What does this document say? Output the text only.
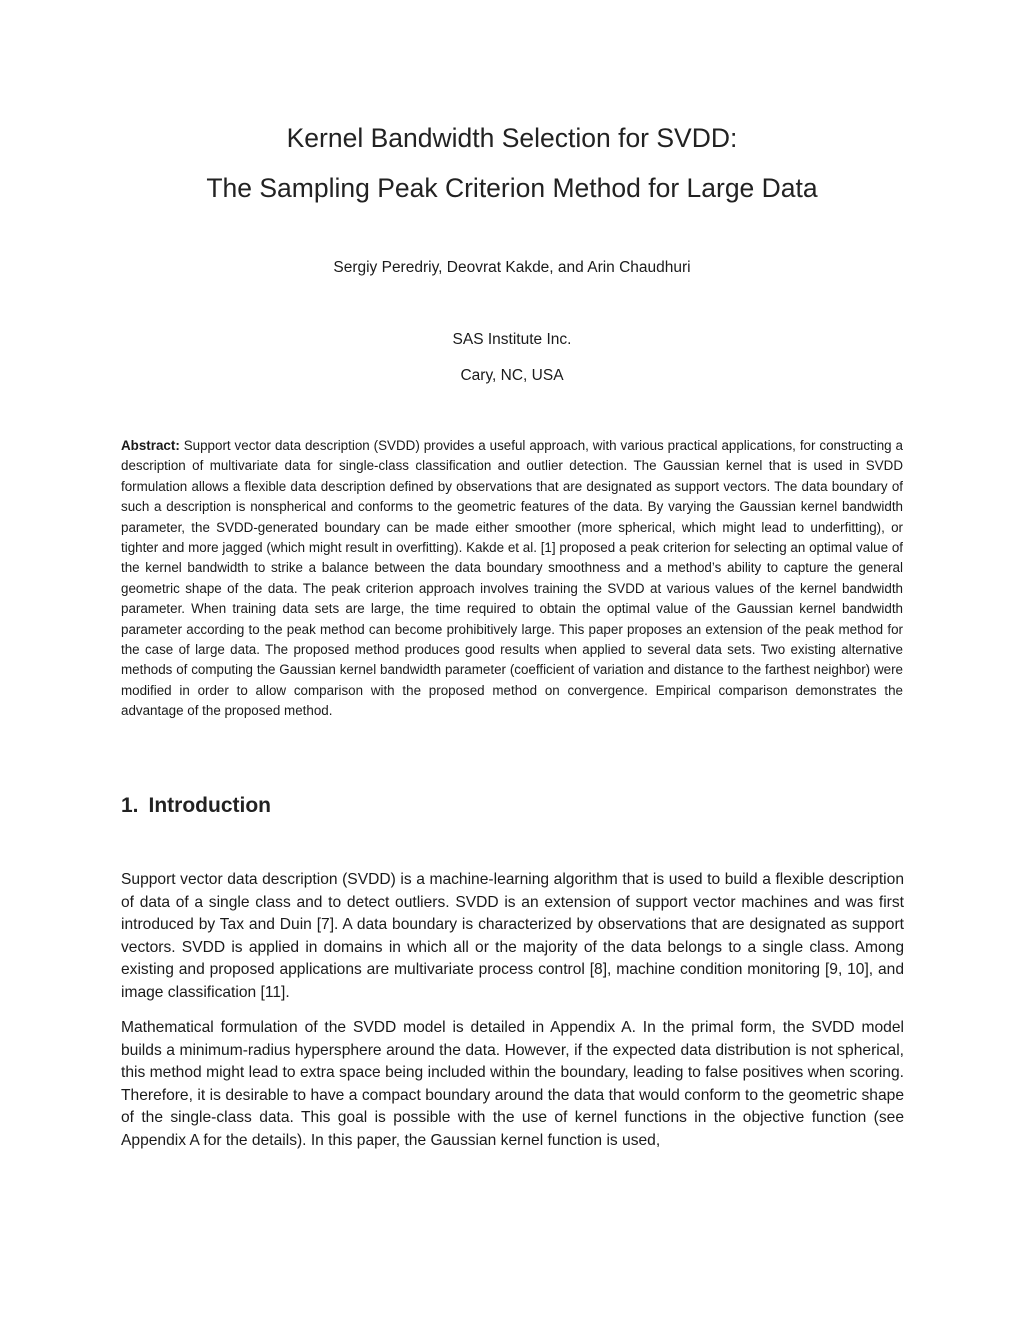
Kernel Bandwidth Selection for SVDD:
The Sampling Peak Criterion Method for Large Data

Sergiy Peredriy, Deovrat Kakde, and Arin Chaudhuri

SAS Institute Inc.

Cary, NC, USA

Abstract: Support vector data description (SVDD) provides a useful approach, with various practical applications, for constructing a description of multivariate data for single-class classification and outlier detection. The Gaussian kernel that is used in SVDD formulation allows a flexible data description defined by observations that are designated as support vectors. The data boundary of such a description is nonspherical and conforms to the geometric features of the data. By varying the Gaussian kernel bandwidth parameter, the SVDD-generated boundary can be made either smoother (more spherical, which might lead to underfitting), or tighter and more jagged (which might result in overfitting). Kakde et al. [1] proposed a peak criterion for selecting an optimal value of the kernel bandwidth to strike a balance between the data boundary smoothness and a method’s ability to capture the general geometric shape of the data. The peak criterion approach involves training the SVDD at various values of the kernel bandwidth parameter. When training data sets are large, the time required to obtain the optimal value of the Gaussian kernel bandwidth parameter according to the peak method can become prohibitively large. This paper proposes an extension of the peak method for the case of large data. The proposed method produces good results when applied to several data sets. Two existing alternative methods of computing the Gaussian kernel bandwidth parameter (coefficient of variation and distance to the farthest neighbor) were modified in order to allow comparison with the proposed method on convergence. Empirical comparison demonstrates the advantage of the proposed method.

1. Introduction

Support vector data description (SVDD) is a machine-learning algorithm that is used to build a flexible description of data of a single class and to detect outliers. SVDD is an extension of support vector machines and was first introduced by Tax and Duin [7]. A data boundary is characterized by observations that are designated as support vectors. SVDD is applied in domains in which all or the majority of the data belongs to a single class. Among existing and proposed applications are multivariate process control [8], machine condition monitoring [9, 10], and image classification [11].

Mathematical formulation of the SVDD model is detailed in Appendix A. In the primal form, the SVDD model builds a minimum-radius hypersphere around the data. However, if the expected data distribution is not spherical, this method might lead to extra space being included within the boundary, leading to false positives when scoring. Therefore, it is desirable to have a compact boundary around the data that would conform to the geometric shape of the single-class data. This goal is possible with the use of kernel functions in the objective function (see Appendix A for the details). In this paper, the Gaussian kernel function is used,
